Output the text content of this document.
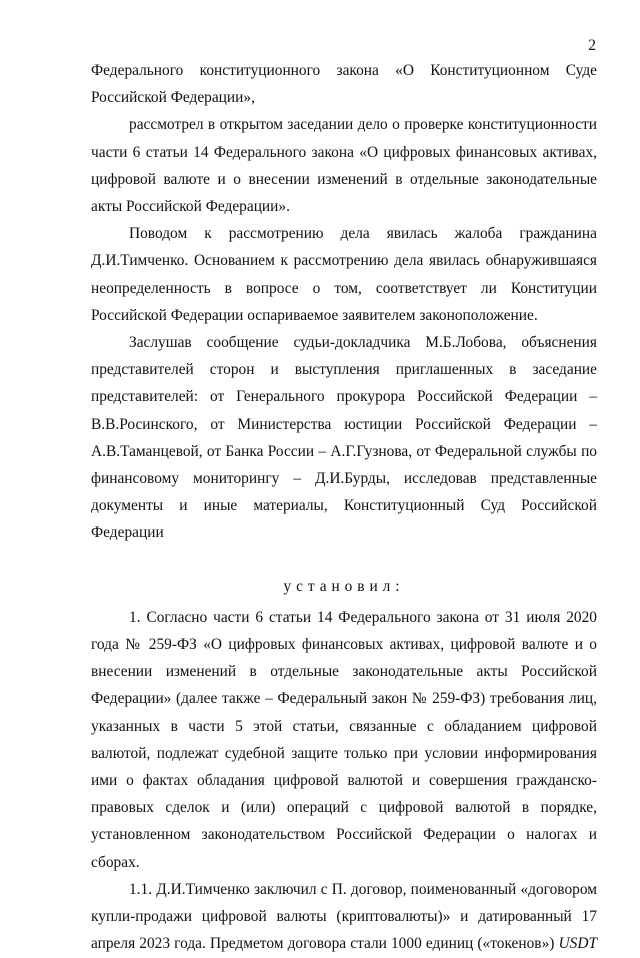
2

Федерального конституционного закона «О Конституционном Суде Российской Федерации»,

рассмотрел в открытом заседании дело о проверке конституционности части 6 статьи 14 Федерального закона «О цифровых финансовых активах, цифровой валюте и о внесении изменений в отдельные законодательные акты Российской Федерации».

Поводом к рассмотрению дела явилась жалоба гражданина Д.И.Тимченко. Основанием к рассмотрению дела явилась обнаружившаяся неопределенность в вопросе о том, соответствует ли Конституции Российской Федерации оспариваемое заявителем законоположение.

Заслушав сообщение судьи-докладчика М.Б.Лобова, объяснения представителей сторон и выступления приглашенных в заседание представителей: от Генерального прокурора Российской Федерации – В.В.Росинского, от Министерства юстиции Российской Федерации – А.В.Таманцевой, от Банка России – А.Г.Гузнова, от Федеральной службы по финансовому мониторингу – Д.И.Бурды, исследовав представленные документы и иные материалы, Конституционный Суд Российской Федерации

установил:

1. Согласно части 6 статьи 14 Федерального закона от 31 июля 2020 года № 259-ФЗ «О цифровых финансовых активах, цифровой валюте и о внесении изменений в отдельные законодательные акты Российской Федерации» (далее также – Федеральный закон № 259-ФЗ) требования лиц, указанных в части 5 этой статьи, связанные с обладанием цифровой валютой, подлежат судебной защите только при условии информирования ими о фактах обладания цифровой валютой и совершения гражданско-правовых сделок и (или) операций с цифровой валютой в порядке, установленном законодательством Российской Федерации о налогах и сборах.

1.1. Д.И.Тимченко заключил с П. договор, поименованный «договором купли-продажи цифровой валюты (криптовалюты)» и датированный 17 апреля 2023 года. Предметом договора стали 1000 единиц («токенов») USDT
